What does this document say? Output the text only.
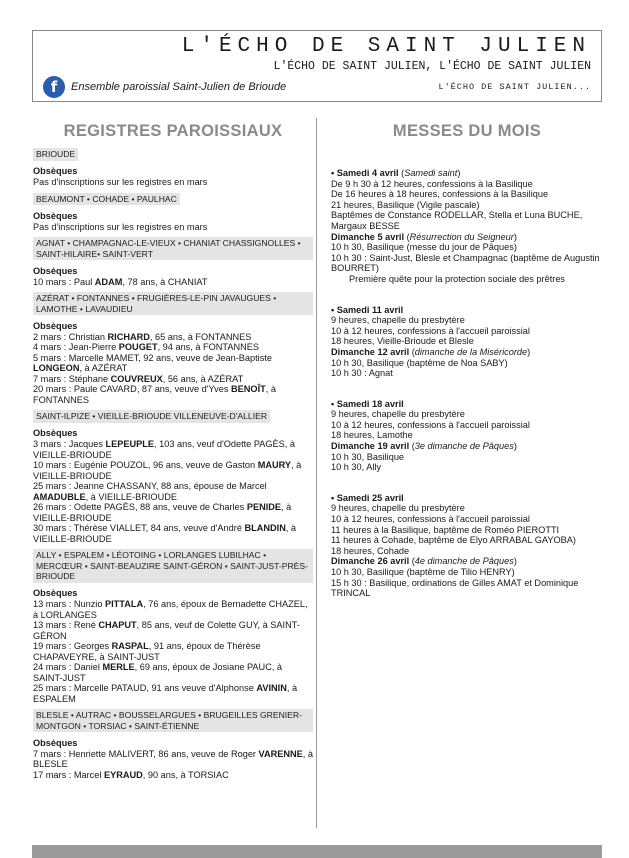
L'ÉCHO DE SAINT JULIEN
L'ÉCHO DE SAINT JULIEN, L'ÉCHO DE SAINT JULIEN
f	Ensemble paroissial Saint-Julien de Brioude	L'ÉCHO DE SAINT JULIEN...
REGISTRES PAROISSIAUX
BRIOUDE
Obsèques
Pas d'inscriptions sur les registres en mars
BEAUMONT • COHADE • PAULHAC
Obsèques
Pas d'inscriptions sur les registres en mars
AGNAT • CHAMPAGNAC-LE-VIEUX • CHANIAT CHASSIGNOLLES • SAINT-HILAIRE• SAINT-VERT
Obsèques
10 mars : Paul ADAM, 78 ans, à CHANIAT
AZÉRAT • FONTANNES • FRUGIÈRES-LE-PIN JAVAUGUES • LAMOTHE • LAVAUDIEU
Obsèques
2 mars : Christian RICHARD, 65 ans, à FONTANNES
4 mars : Jean-Pierre POUGET, 94 ans, à FONTANNES
5 mars : Marcelle MAMET, 92 ans, veuve de Jean-Baptiste LONGEON, à AZÉRAT
7 mars : Stéphane COUVREUX, 56 ans, à AZÉRAT
20 mars : Paule CAVARD, 87 ans, veuve d'Yves BENOÎT, à FONTANNES
SAINT-ILPIZE • VIEILLE-BRIOUDE VILLENEUVE-D'ALLIER
Obsèques
3 mars : Jacques LEPEUPLE, 103 ans, veuf d'Odette PAGÈS, à VIEILLE-BRIOUDE
10 mars : Eugénie POUZOL, 96 ans, veuve de Gaston MAURY, à VIEILLE-BRIOUDE
25 mars : Jeanne CHASSANY, 88 ans, épouse de Marcel AMADUBLE, à VIEILLE-BRIOUDE
26 mars : Odette PAGÈS, 88 ans, veuve de Charles PENIDE, à VIEILLE-BRIOUDE
30 mars : Thérèse VIALLET, 84 ans, veuve d'André BLANDIN, à VIEILLE-BRIOUDE
ALLY • ESPALEM • LÉOTOING • LORLANGES LUBILHAC • MERCŒUR • SAINT-BEAUZIRE SAINT-GÉRON • SAINT-JUST-PRÈS-BRIOUDE
Obsèques
13 mars : Nunzio PITTALA, 76 ans, époux de Bernadette CHAZEL, à LORLANGES
13 mars : René CHAPUT, 85 ans, veuf de Colette GUY, à SAINT-GÉRON
19 mars : Georges RASPAL, 91 ans, époux de Thérèse CHAPAVEYRE, à SAINT-JUST
24 mars : Daniel MERLE, 69 ans, époux de Josiane PAUC, à SAINT-JUST
25 mars : Marcelle PATAUD, 91 ans veuve d'Alphonse AVININ, à ESPALEM
BLESLE • AUTRAC • BOUSSELARGUES • BRUGEILLES GRENIER-MONTGON • TORSIAC • SAINT-ÉTIENNE
Obsèques
7 mars : Henriette MALIVERT, 86 ans, veuve de Roger VARENNE, à BLESLE
17 mars : Marcel EYRAUD, 90 ans, à TORSIAC
MESSES DU MOIS
• Samedi 4 avril (Samedi saint)
De 9 h 30 à 12 heures, confessions à la Basilique
De 16 heures à 18 heures, confessions à la Basilique
21 heures, Basilique (Vigile pascale)
Baptêmes de Constance RODELLAR, Stella et Luna BUCHE, Margaux BESSE
Dimanche 5 avril (Résurrection du Seigneur)
10 h 30, Basilique (messe du jour de Pâques)
10 h 30 : Saint-Just, Blesle et Champagnac (baptême de Augustin BOURRET)
Première quête pour la protection sociale des prêtres
• Samedi 11 avril
9 heures, chapelle du presbytère
10 à 12 heures, confessions à l'accueil paroissial
18 heures, Vieille-Brioude et Blesle
Dimanche 12 avril (dimanche de la Miséricorde)
10 h 30, Basilique (baptême de Noa SABY)
10 h 30 : Agnat
• Samedi 18 avril
9 heures, chapelle du presbytère
10 à 12 heures, confessions à l'accueil paroissial
18 heures, Lamothe
Dimanche 19 avril (3e dimanche de Pâques)
10 h 30, Basilique
10 h 30, Ally
• Samedi 25 avril
9 heures, chapelle du presbytère
10 à 12 heures, confessions à l'accueil paroissial
11 heures à la Basilique, baptême de Roméo PIEROTTI
11 heures à Cohade, baptême de Elyo ARRABAL GAYOBA)
18 heures, Cohade
Dimanche 26 avril (4e dimanche de Pâques)
10 h 30, Basilique (baptême de Tilio HENRY)
15 h 30 : Basilique, ordinations de Gilles AMAT et Dominique TRINCAL
